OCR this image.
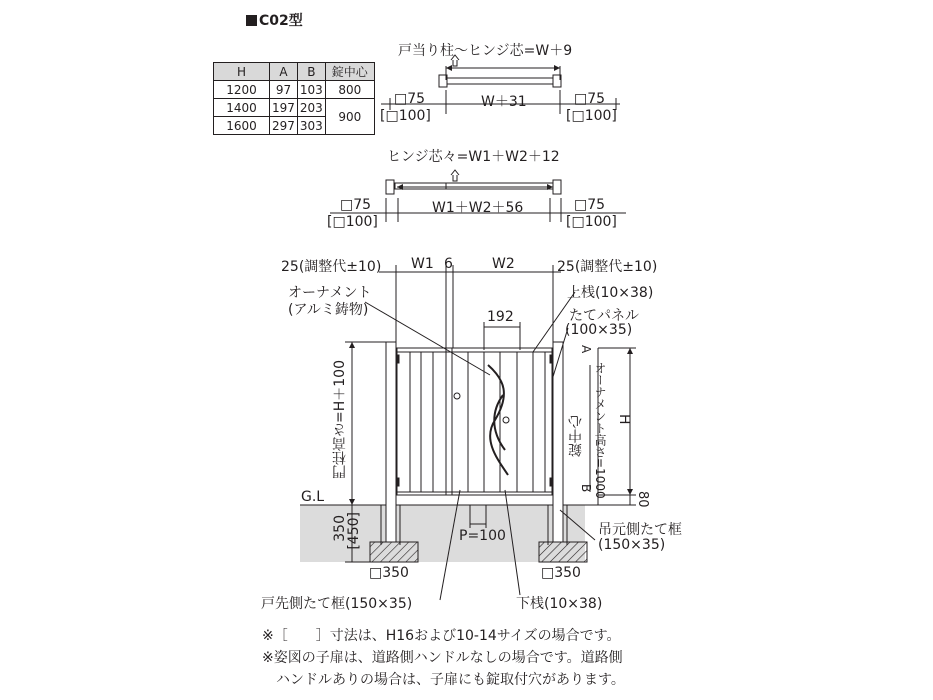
C02型
H	A	B	錠中心
1200	97	103	800
1400	197	203	900
1600	297	303	
戸当り柱～ヒンジ芯=W＋9
□75
[□100]
W＋31	□75
[□100]
ヒンジ芯々=W1＋W2＋12
□75
[□100]
W1＋W2＋56	□75
[□100]
25(調整代±10) W1 6	W2	25(調整代±10)
オーナメント
(アルミ鋳物)
上桟(10×38)
たてパネル
(100×35)
192
門柱高さ=H＋100
A
オーナメント高さ=1000
B
錠中心 H
80
G.L
350
[450]	P=100	吊元側たて框
(150×35)
□350	□350
戸先側たて框(150×35)	下桟(10×38)
※［　　］寸法は、H16および10-14サイズの場合です。
※姿図の子扉は、道路側ハンドルなしの場合です。道路側
　ハンドルありの場合は、子扉にも錠取付穴があります。
